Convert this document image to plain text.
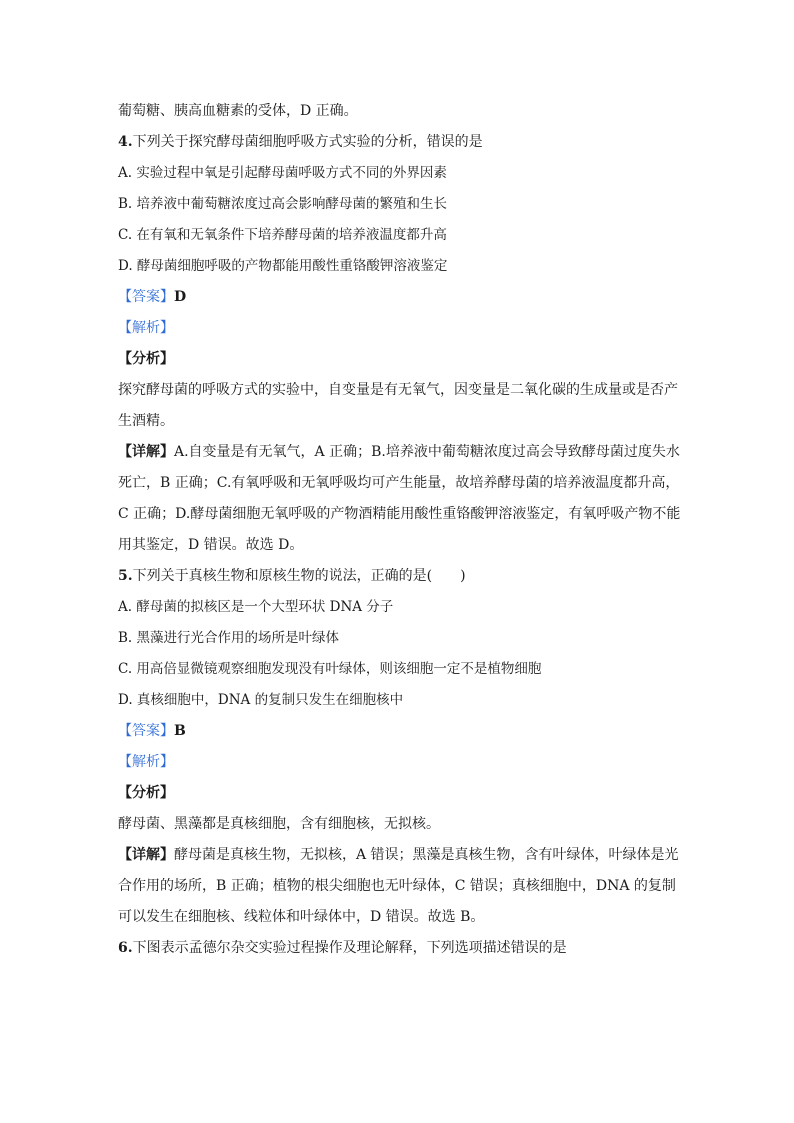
葡萄糖、胰高血糖素的受体，D 正确。
4.下列关于探究酵母菌细胞呼吸方式实验的分析，错误的是
A. 实验过程中氧是引起酵母菌呼吸方式不同的外界因素
B. 培养液中葡萄糖浓度过高会影响酵母菌的繁殖和生长
C. 在有氧和无氧条件下培养酵母菌的培养液温度都升高
D. 酵母菌细胞呼吸的产物都能用酸性重铬酸钾溶液鉴定
【答案】D
【解析】
【分析】
探究酵母菌的呼吸方式的实验中，自变量是有无氧气，因变量是二氧化碳的生成量或是否产
生酒精。
【详解】A.自变量是有无氧气，A 正确；B.培养液中葡萄糖浓度过高会导致酵母菌过度失水
死亡，B 正确；C.有氧呼吸和无氧呼吸均可产生能量，故培养酵母菌的培养液温度都升高，
C 正确；D.酵母菌细胞无氧呼吸的产物酒精能用酸性重铬酸钾溶液鉴定，有氧呼吸产物不能
用其鉴定，D 错误。故选 D。
5.下列关于真核生物和原核生物的说法，正确的是(　　)
A. 酵母菌的拟核区是一个大型环状 DNA 分子
B. 黑藻进行光合作用的场所是叶绿体
C. 用高倍显微镜观察细胞发现没有叶绿体，则该细胞一定不是植物细胞
D. 真核细胞中，DNA 的复制只发生在细胞核中
【答案】B
【解析】
【分析】
酵母菌、黑藻都是真核细胞，含有细胞核，无拟核。
【详解】酵母菌是真核生物，无拟核，A 错误；黑藻是真核生物，含有叶绿体，叶绿体是光
合作用的场所，B 正确；植物的根尖细胞也无叶绿体，C 错误；真核细胞中，DNA 的复制
可以发生在细胞核、线粒体和叶绿体中，D 错误。故选 B。
6.下图表示孟德尔杂交实验过程操作及理论解释，下列选项描述错误的是
